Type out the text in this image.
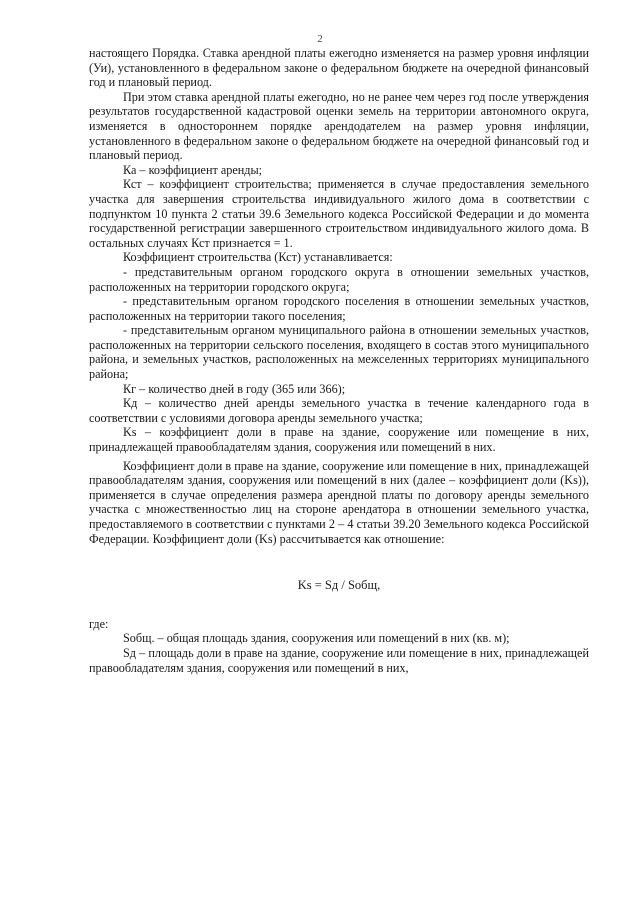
2

настоящего Порядка. Ставка арендной платы ежегодно изменяется на размер уровня инфляции (Уи), установленного в федеральном законе о федеральном бюджете на очередной финансовый год и плановый период.

При этом ставка арендной платы ежегодно, но не ранее чем через год после утверждения результатов государственной кадастровой оценки земель на территории автономного округа, изменяется в одностороннем порядке арендодателем на размер уровня инфляции, установленного в федеральном законе о федеральном бюджете на очередной финансовый год и плановый период.

Ка – коэффициент аренды;

Кст – коэффициент строительства; применяется в случае предоставления земельного участка для завершения строительства индивидуального жилого дома в соответствии с подпунктом 10 пункта 2 статьи 39.6 Земельного кодекса Российской Федерации и до момента государственной регистрации завершенного строительством индивидуального жилого дома. В остальных случаях Кст признается = 1.

Коэффициент строительства (Кст) устанавливается:

- представительным органом городского округа в отношении земельных участков, расположенных на территории городского округа;

- представительным органом городского поселения в отношении земельных участков, расположенных на территории такого поселения;

- представительным органом муниципального района в отношении земельных участков, расположенных на территории сельского поселения, входящего в состав этого муниципального района, и земельных участков, расположенных на межселенных территориях муниципального района;

Кг – количество дней в году (365 или 366);

Кд – количество дней аренды земельного участка в течение календарного года в соответствии с условиями договора аренды земельного участка;

Ks – коэффициент доли в праве на здание, сооружение или помещение в них, принадлежащей правообладателям здания, сооружения или помещений в них.

Коэффициент доли в праве на здание, сооружение или помещение в них, принадлежащей правообладателям здания, сооружения или помещений в них (далее – коэффициент доли (Ks)), применяется в случае определения размера арендной платы по договору аренды земельного участка с множественностью лиц на стороне арендатора в отношении земельного участка, предоставляемого в соответствии с пунктами 2 – 4 статьи 39.20 Земельного кодекса Российской Федерации. Коэффициент доли (Ks) рассчитывается как отношение:

Ks = Sд / Sобщ,

где:

Sобщ. – общая площадь здания, сооружения или помещений в них (кв. м);

Sд – площадь доли в праве на здание, сооружение или помещение в них, принадлежащей правообладателям здания, сооружения или помещений в них,
